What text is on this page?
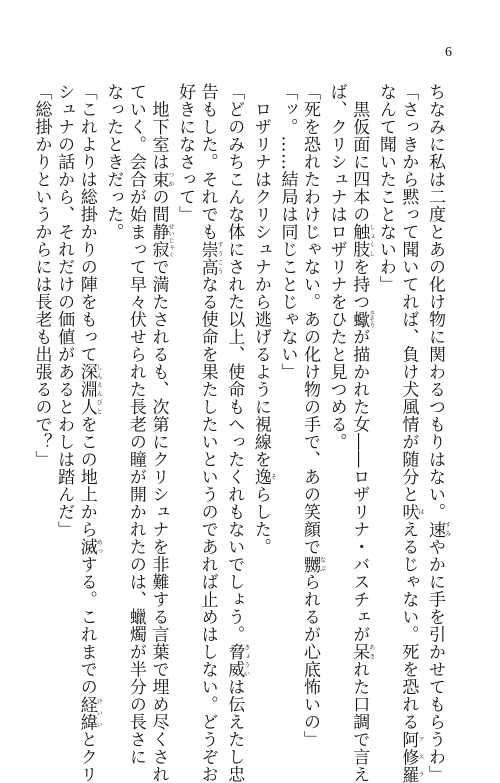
6
ちなみに私は二度とあの化け物に関わるつもりはない。速すみやかに手を引かせてもらうわ」
「さっきから黙って聞いてれば、負け犬風情が随分と吠ほえるじゃない。死を恐れる阿修羅アスラ
なんて聞いたことないわ」
　黒仮面に四本の触肢しょくしを持つ蠍さそりが描かれた女――ロザリナ・バスチェが呆あきれた口調で言え
ば、クリシュナはロザリナをひたと見つめる。
「死を恐れたわけじゃない。あの化け物の手で、あの笑顔で嬲なぶられるが心底怖いの」
「ッ。……結局は同じことじゃない」
　ロザリナはクリシュナから逃げるように視線を逸そらした。
「どのみちこんな体にされた以上、使命もへったくれもないでしょう。脅威きょういは伝えたし忠
告もした。それでも崇高すうこうなる使命を果たしたいというのであれば止めはしない。どうぞお
好きになさって」
　地下室は束つかの間静寂せいじゃくで満たされるも、次第にクリシュナを非難する言葉で埋め尽くされ
ていく。会合が始まって早々伏せられた長老の瞳が開かれたのは、蠟燭が半分の長さに
なったときだった。
「これよりは総掛かりの陣をもって深淵人しんえんびとをこの地上から滅めっする。これまでの経緯けいいとクリ
シュナの話から、それだけの価値があるとわしは踏んだ」
「総掛かりというからには長老も出張るので？」
